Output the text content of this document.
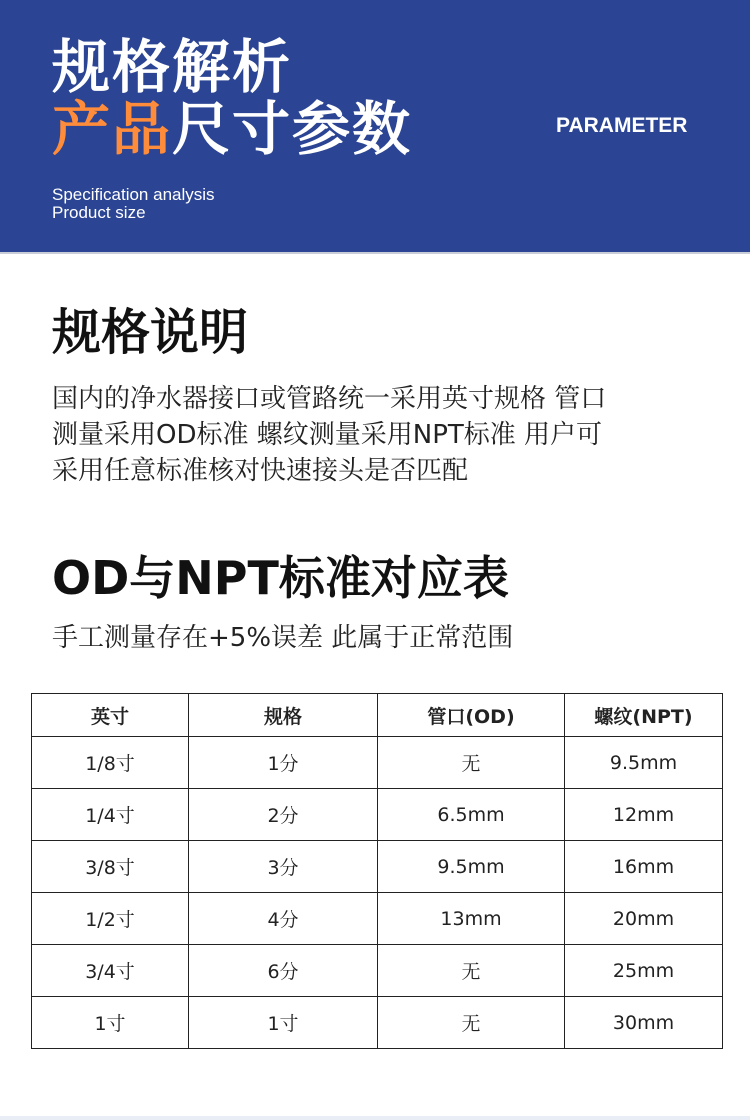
规格解析
产品尺寸参数	PARAMETER
Specification analysis
Product size
规格说明
国内的净水器接口或管路统一采用英寸规格 管口
测量采用OD标准 螺纹测量采用NPT标准 用户可
采用任意标准核对快速接头是否匹配
OD与NPT标准对应表
手工测量存在+5%误差 此属于正常范围
英寸	规格	管口(OD)	螺纹(NPT)
1/8寸	1分	无	9.5mm
1/4寸	2分	6.5mm	12mm
3/8寸	3分	9.5mm	16mm
1/2寸	4分	13mm	20mm
3/4寸	6分	无	25mm
1寸	1寸	无	30mm
